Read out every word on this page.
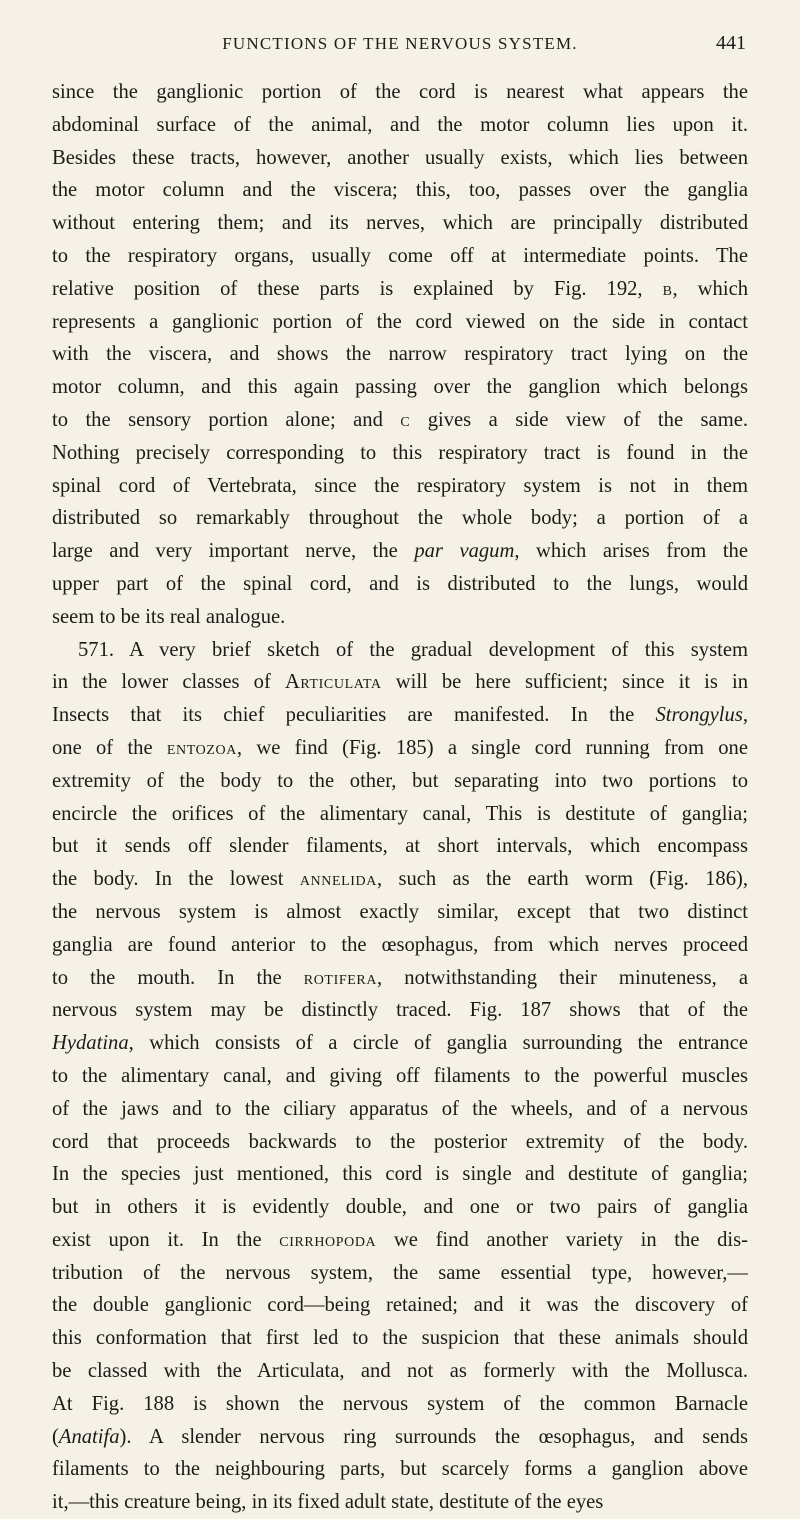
FUNCTIONS OF THE NERVOUS SYSTEM.	441
since the ganglionic portion of the cord is nearest what appears the
abdominal surface of the animal, and the motor column lies upon it.
Besides these tracts, however, another usually exists, which lies between
the motor column and the viscera; this, too, passes over the ganglia
without entering them; and its nerves, which are principally distributed
to the respiratory organs, usually come off at intermediate points. The
relative position of these parts is explained by Fig. 192, b, which
represents a ganglionic portion of the cord viewed on the side in contact
with the viscera, and shows the narrow respiratory tract lying on the
motor column, and this again passing over the ganglion which belongs
to the sensory portion alone; and c gives a side view of the same.
Nothing precisely corresponding to this respiratory tract is found in the
spinal cord of Vertebrata, since the respiratory system is not in them
distributed so remarkably throughout the whole body; a portion of a
large and very important nerve, the par vagum, which arises from the
upper part of the spinal cord, and is distributed to the lungs, would
seem to be its real analogue.
571. A very brief sketch of the gradual development of this system
in the lower classes of Articulata will be here sufficient; since it is in
Insects that its chief peculiarities are manifested. In the Strongylus,
one of the entozoa, we find (Fig. 185) a single cord running from one
extremity of the body to the other, but separating into two portions to
encircle the orifices of the alimentary canal, This is destitute of ganglia;
but it sends off slender filaments, at short intervals, which encompass
the body. In the lowest annelida, such as the earth worm (Fig. 186),
the nervous system is almost exactly similar, except that two distinct
ganglia are found anterior to the œsophagus, from which nerves proceed
to the mouth. In the rotifera, notwithstanding their minuteness, a
nervous system may be distinctly traced. Fig. 187 shows that of the
Hydatina, which consists of a circle of ganglia surrounding the entrance
to the alimentary canal, and giving off filaments to the powerful muscles
of the jaws and to the ciliary apparatus of the wheels, and of a nervous
cord that proceeds backwards to the posterior extremity of the body.
In the species just mentioned, this cord is single and destitute of ganglia;
but in others it is evidently double, and one or two pairs of ganglia
exist upon it. In the cirrhopoda we find another variety in the dis-
tribution of the nervous system, the same essential type, however,—
the double ganglionic cord—being retained; and it was the discovery of
this conformation that first led to the suspicion that these animals should
be classed with the Articulata, and not as formerly with the Mollusca.
At Fig. 188 is shown the nervous system of the common Barnacle
(Anatifa). A slender nervous ring surrounds the œsophagus, and sends
filaments to the neighbouring parts, but scarcely forms a ganglion above
it,—this creature being, in its fixed adult state, destitute of the eyes
